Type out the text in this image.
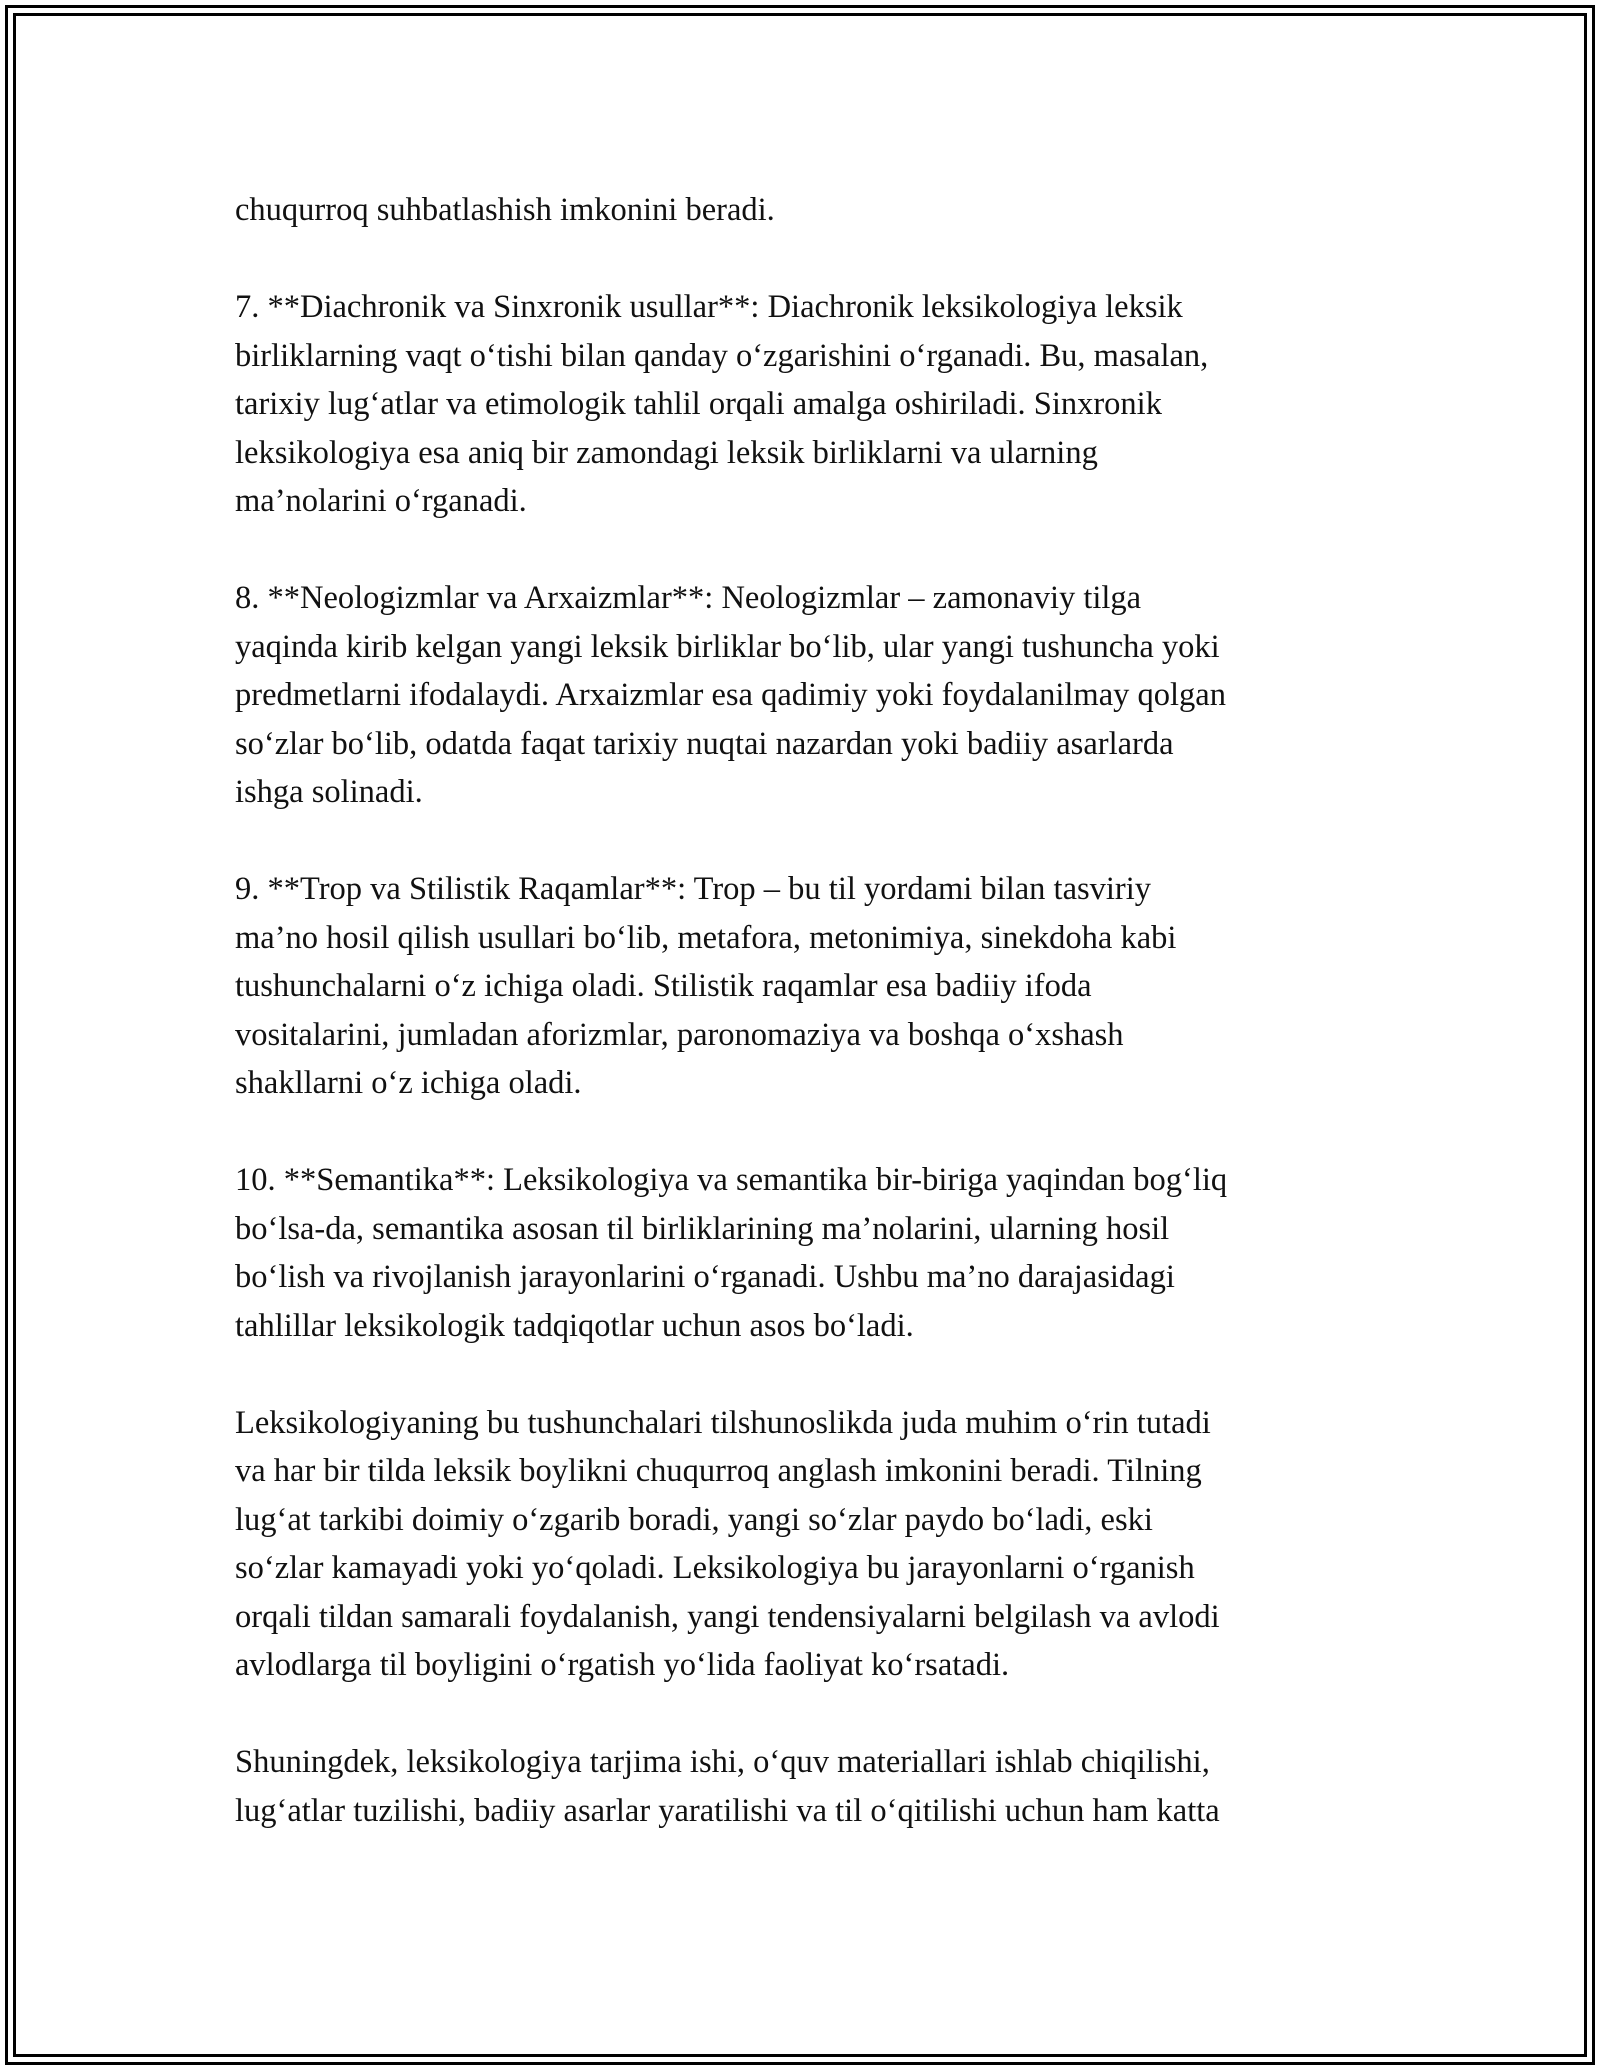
chuqurroq suhbatlashish imkonini beradi.

7. **Diachronik va Sinxronik usullar**: Diachronik leksikologiya leksik
birliklarning vaqt o‘tishi bilan qanday o‘zgarishini o‘rganadi. Bu, masalan,
tarixiy lug‘atlar va etimologik tahlil orqali amalga oshiriladi. Sinxronik
leksikologiya esa aniq bir zamondagi leksik birliklarni va ularning
ma’nolarini o‘rganadi.

8. **Neologizmlar va Arxaizmlar**: Neologizmlar – zamonaviy tilga
yaqinda kirib kelgan yangi leksik birliklar bo‘lib, ular yangi tushuncha yoki
predmetlarni ifodalaydi. Arxaizmlar esa qadimiy yoki foydalanilmay qolgan
so‘zlar bo‘lib, odatda faqat tarixiy nuqtai nazardan yoki badiiy asarlarda
ishga solinadi.

9. **Trop va Stilistik Raqamlar**: Trop – bu til yordami bilan tasviriy
ma’no hosil qilish usullari bo‘lib, metafora, metonimiya, sinekdoha kabi
tushunchalarni o‘z ichiga oladi. Stilistik raqamlar esa badiiy ifoda
vositalarini, jumladan aforizmlar, paronomaziya va boshqa o‘xshash
shakllarni o‘z ichiga oladi.

10. **Semantika**: Leksikologiya va semantika bir-biriga yaqindan bog‘liq
bo‘lsa-da, semantika asosan til birliklarining ma’nolarini, ularning hosil
bo‘lish va rivojlanish jarayonlarini o‘rganadi. Ushbu ma’no darajasidagi
tahlillar leksikologik tadqiqotlar uchun asos bo‘ladi.

Leksikologiyaning bu tushunchalari tilshunoslikda juda muhim o‘rin tutadi
va har bir tilda leksik boylikni chuqurroq anglash imkonini beradi. Tilning
lug‘at tarkibi doimiy o‘zgarib boradi, yangi so‘zlar paydo bo‘ladi, eski
so‘zlar kamayadi yoki yo‘qoladi. Leksikologiya bu jarayonlarni o‘rganish
orqali tildan samarali foydalanish, yangi tendensiyalarni belgilash va avlodi
avlodlarga til boyligini o‘rgatish yo‘lida faoliyat ko‘rsatadi.

Shuningdek, leksikologiya tarjima ishi, o‘quv materiallari ishlab chiqilishi,
lug‘atlar tuzilishi, badiiy asarlar yaratilishi va til o‘qitilishi uchun ham katta
